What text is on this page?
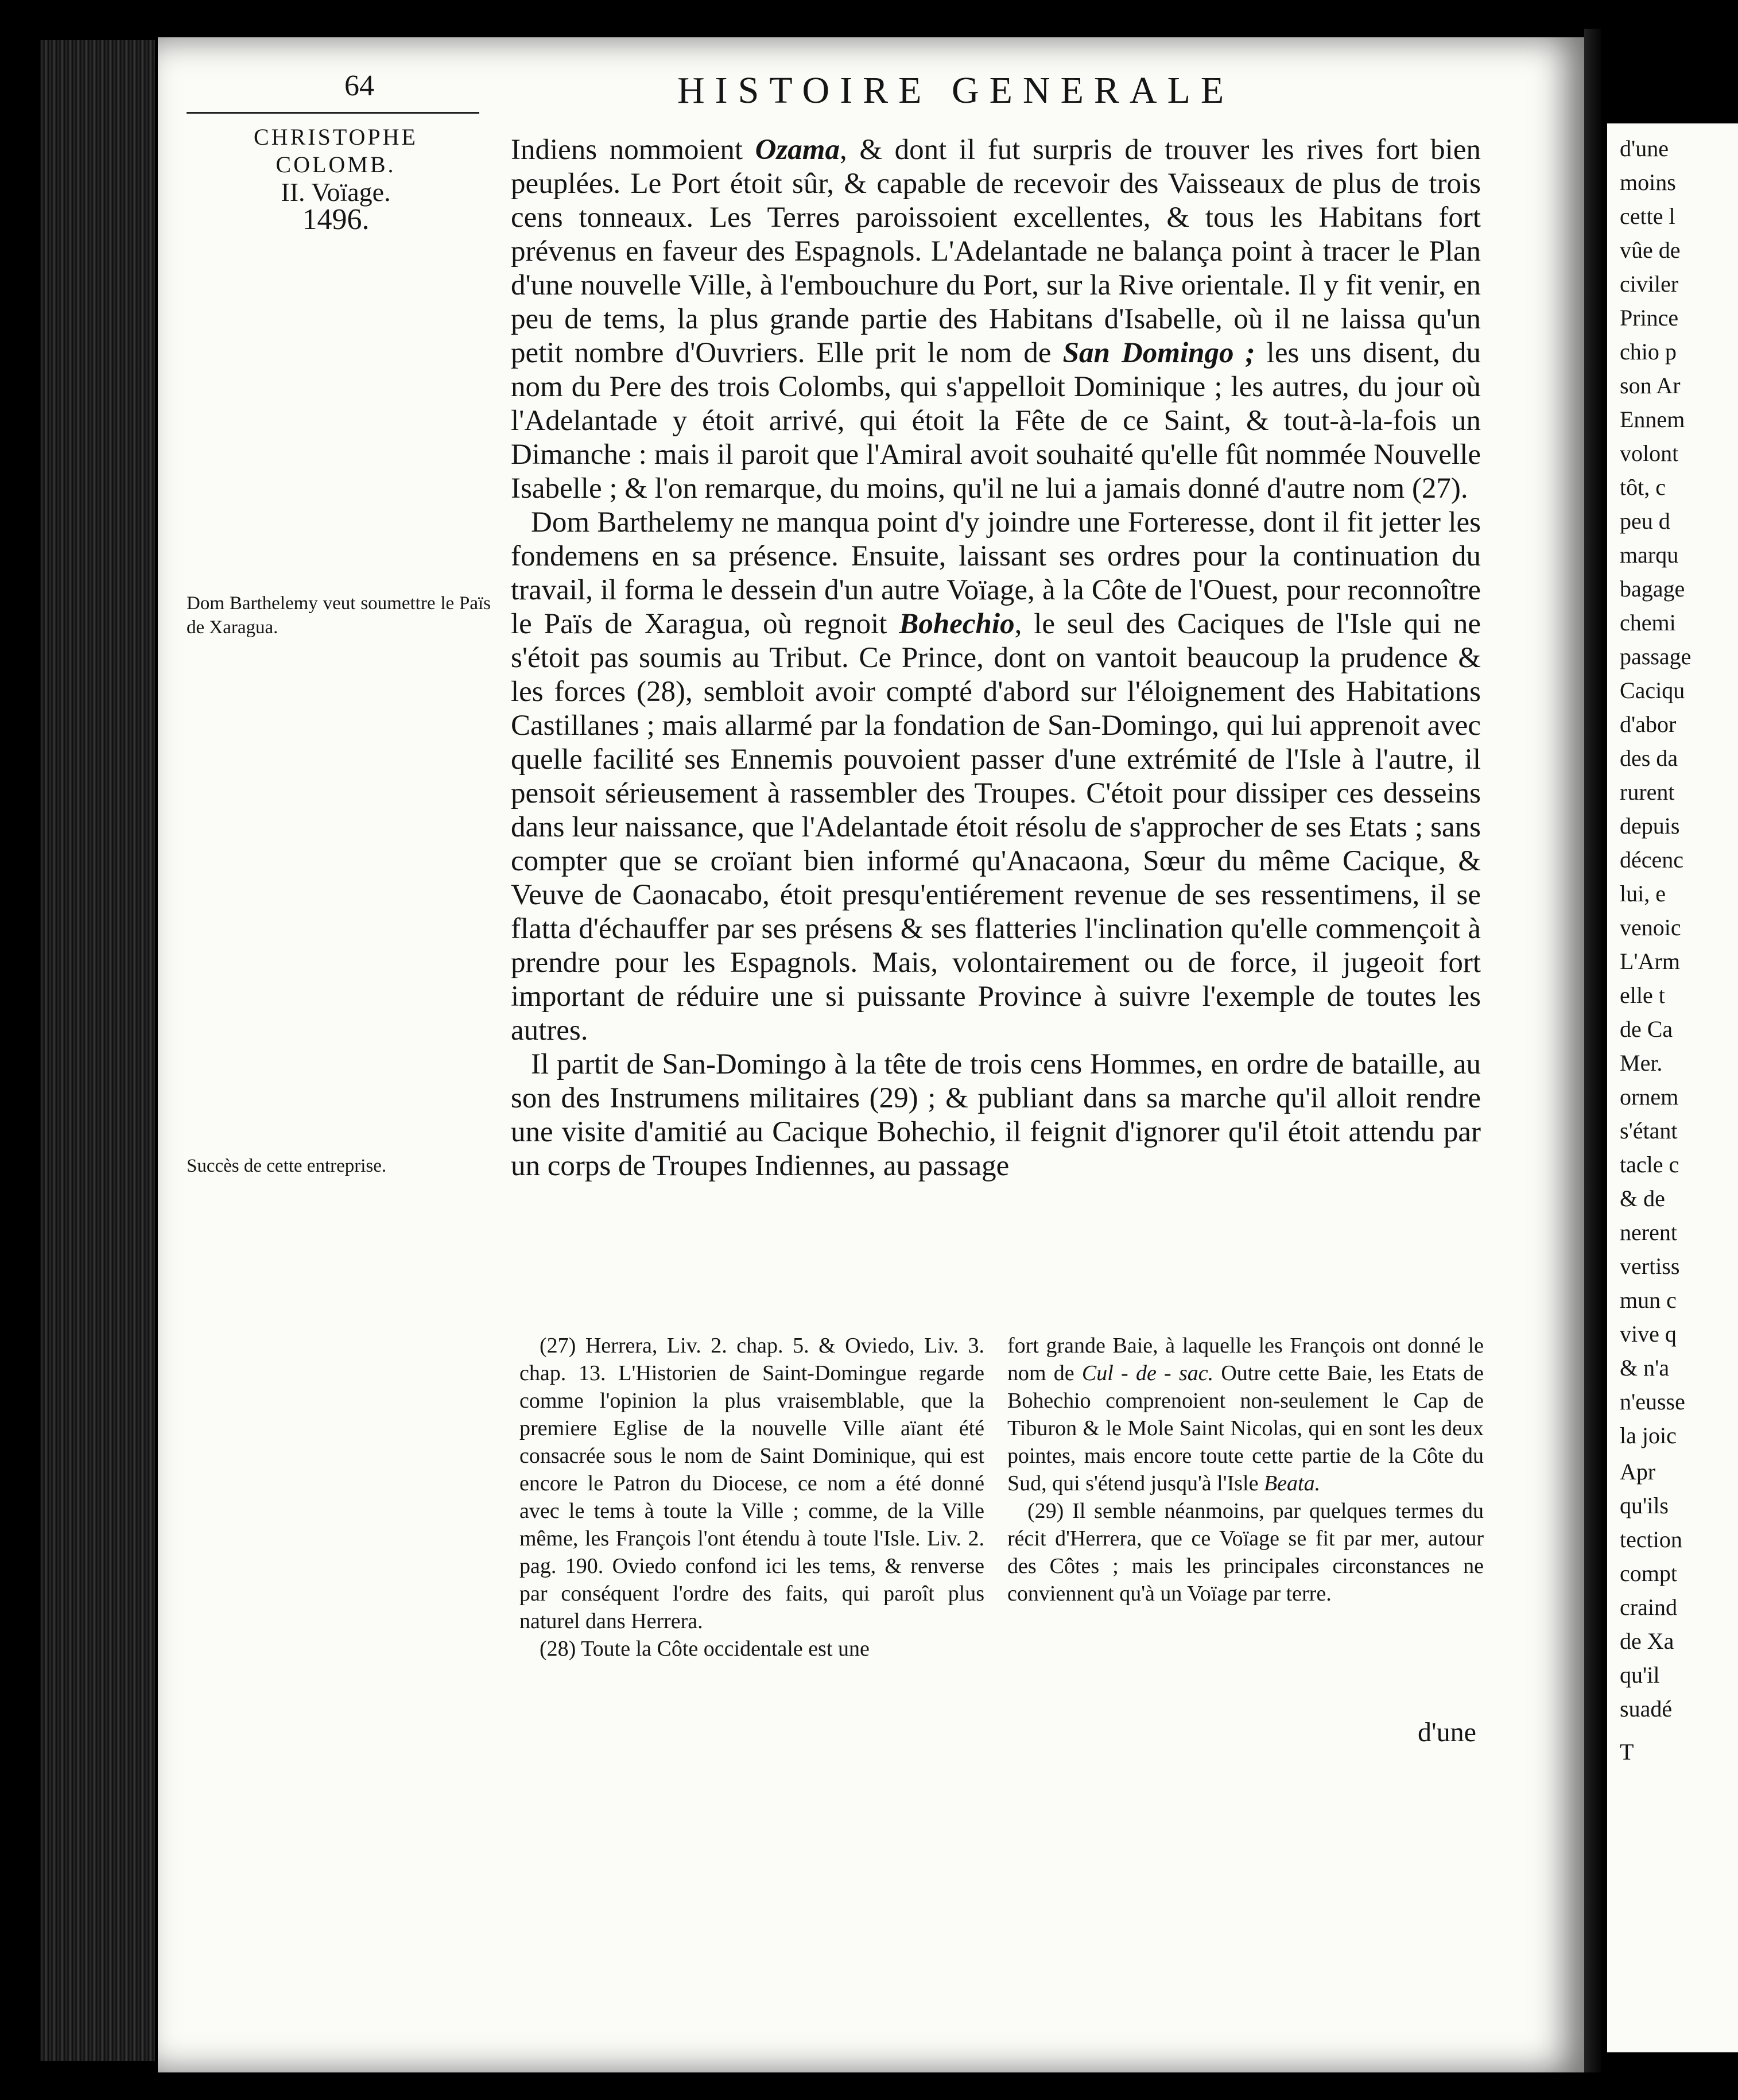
d'une
moins
cette l
vûe de
civiler
Prince
chio p
son Ar
Ennem
volont
tôt, c
peu d
marqu
bagage
chemi
passage
Caciqu
d'abor
des da
rurent
depuis
décenc
lui, e
venoic
L'Arm
elle t
de Ca
Mer.
ornem
s'étant
tacle c
& de
nerent
vertiss
mun c
vive q
& n'a
n'eusse
la joic
Apr
qu'ils
tection
compt
craind
de Xa
qu'il
suadé
T
64	HISTOIRE GENERALE
CHRISTOPHE
COLOMB.
II. Voïage.
1496.
Dom Barthelemy veut soumettre le Païs de Xaragua.
Succès de cette entreprise.

Indiens nommoient Ozama, & dont il fut surpris de trouver les rives fort bien peuplées. Le Port étoit sûr, & capable de recevoir des Vaisseaux de plus de trois cens tonneaux. Les Terres paroissoient excellentes, & tous les Habitans fort prévenus en faveur des Espagnols. L'Adelantade ne balança point à tracer le Plan d'une nouvelle Ville, à l'embouchure du Port, sur la Rive orientale. Il y fit venir, en peu de tems, la plus grande partie des Habitans d'Isabelle, où il ne laissa qu'un petit nombre d'Ouvriers. Elle prit le nom de San Domingo ; les uns disent, du nom du Pere des trois Colombs, qui s'appelloit Dominique ; les autres, du jour où l'Adelantade y étoit arrivé, qui étoit la Fête de ce Saint, & tout-à-la-fois un Dimanche : mais il paroit que l'Amiral avoit souhaité qu'elle fût nommée Nouvelle Isabelle ; & l'on remarque, du moins, qu'il ne lui a jamais donné d'autre nom (27).

Dom Barthelemy ne manqua point d'y joindre une Forteresse, dont il fit jetter les fondemens en sa présence. Ensuite, laissant ses ordres pour la continuation du travail, il forma le dessein d'un autre Voïage, à la Côte de l'Ouest, pour reconnoître le Païs de Xaragua, où regnoit Bohechio, le seul des Caciques de l'Isle qui ne s'étoit pas soumis au Tribut. Ce Prince, dont on vantoit beaucoup la prudence & les forces (28), sembloit avoir compté d'abord sur l'éloignement des Habitations Castillanes ; mais allarmé par la fondation de San-Domingo, qui lui apprenoit avec quelle facilité ses Ennemis pouvoient passer d'une extrémité de l'Isle à l'autre, il pensoit sérieusement à rassembler des Troupes. C'étoit pour dissiper ces desseins dans leur naissance, que l'Adelantade étoit résolu de s'approcher de ses Etats ; sans compter que se croïant bien informé qu'Anacaona, Sœur du même Cacique, & Veuve de Caonacabo, étoit presqu'entiérement revenue de ses ressentimens, il se flatta d'échauffer par ses présens & ses flatteries l'inclination qu'elle commençoit à prendre pour les Espagnols. Mais, volontairement ou de force, il jugeoit fort important de réduire une si puissante Province à suivre l'exemple de toutes les autres.

Il partit de San-Domingo à la tête de trois cens Hommes, en ordre de bataille, au son des Instrumens militaires (29) ; & publiant dans sa marche qu'il alloit rendre une visite d'amitié au Cacique Bohechio, il feignit d'ignorer qu'il étoit attendu par un corps de Troupes Indiennes, au passage

(27) Herrera, Liv. 2. chap. 5. & Oviedo, Liv. 3. chap. 13. L'Historien de Saint-Domingue regarde comme l'opinion la plus vraisemblable, que la premiere Eglise de la nouvelle Ville aïant été consacrée sous le nom de Saint Dominique, qui est encore le Patron du Diocese, ce nom a été donné avec le tems à toute la Ville ; comme, de la Ville même, les François l'ont étendu à toute l'Isle. Liv. 2. pag. 190. Oviedo confond ici les tems, & renverse par conséquent l'ordre des faits, qui paroît plus naturel dans Herrera.

(28) Toute la Côte occidentale est une

fort grande Baie, à laquelle les François ont donné le nom de Cul - de - sac. Outre cette Baie, les Etats de Bohechio comprenoient non-seulement le Cap de Tiburon & le Mole Saint Nicolas, qui en sont les deux pointes, mais encore toute cette partie de la Côte du Sud, qui s'étend jusqu'à l'Isle Beata.

(29) Il semble néanmoins, par quelques termes du récit d'Herrera, que ce Voïage se fit par mer, autour des Côtes ; mais les principales circonstances ne conviennent qu'à un Voïage par terre.

d'une
